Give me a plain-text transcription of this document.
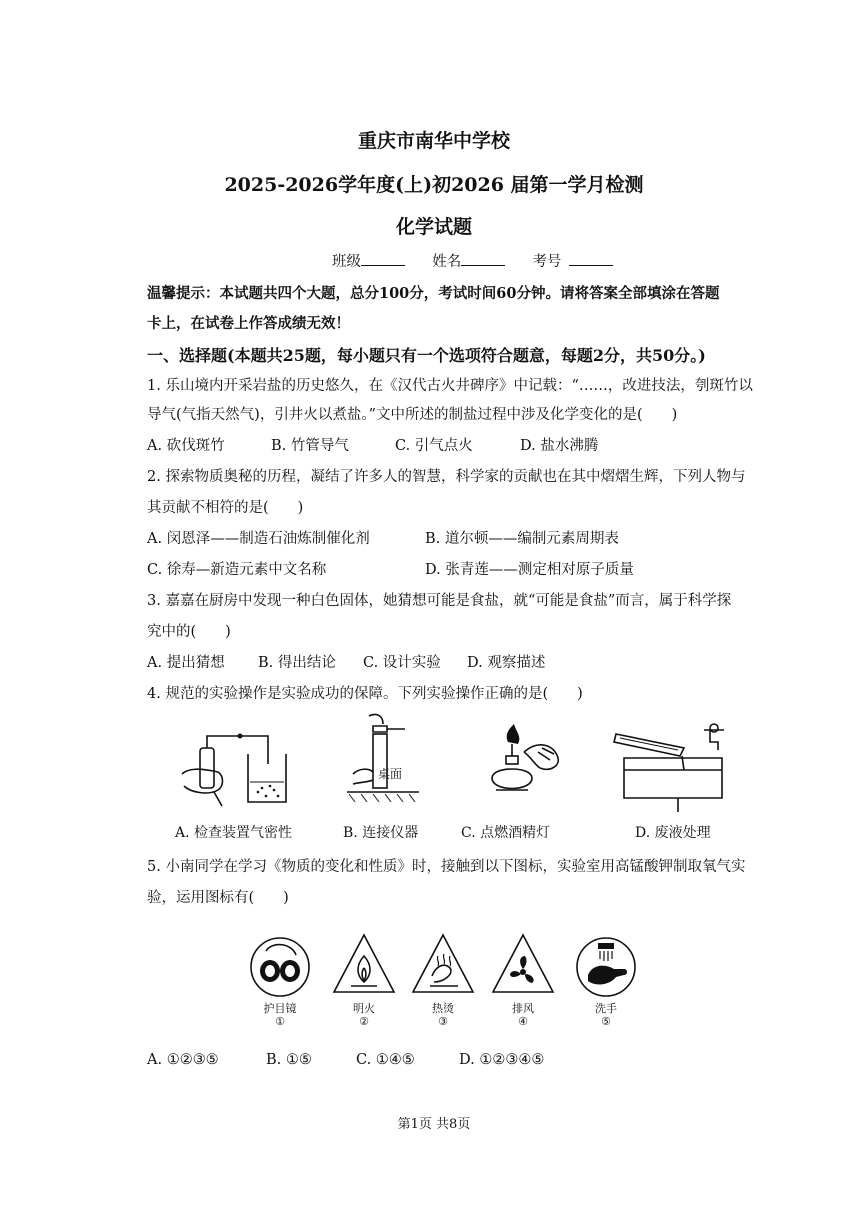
重庆市南华中学校
2025-2026学年度(上)初2026 届第一学月检测
化学试题
班级	姓名	考号
温馨提示：本试题共四个大题，总分100分，考试时间60分钟。请将答案全部填涂在答题
卡上，在试卷上作答成绩无效！
一、选择题(本题共25题，每小题只有一个选项符合题意，每题2分，共50分。)
1. 乐山境内开采岩盐的历史悠久，在《汉代古火井碑序》中记载：“……，改进技法，刳斑竹以
导气(气指天然气)，引井火以煮盐。”文中所述的制盐过程中涉及化学变化的是(　　)
A. 砍伐斑竹	B. 竹管导气	C. 引气点火	D. 盐水沸腾
2. 探索物质奥秘的历程，凝结了许多人的智慧，科学家的贡献也在其中熠熠生辉，下列人物与
其贡献不相符的是(　　)
A. 闵恩泽——制造石油炼制催化剂	B. 道尔顿——编制元素周期表
C. 徐寿—新造元素中文名称	D. 张青莲——测定相对原子质量
3. 嘉嘉在厨房中发现一种白色固体，她猜想可能是食盐，就“可能是食盐”而言，属于科学探
究中的(　　)
A. 提出猜想 B. 得出结论 C. 设计实验 D. 观察描述
4. 规范的实验操作是实验成功的保障。下列实验操作正确的是(　　)
桌面
A. 检查装置气密性	B. 连接仪器	C. 点燃酒精灯	D. 废液处理
5. 小南同学在学习《物质的变化和性质》时，接触到以下图标，实验室用高锰酸钾制取氧气实
验，运用图标有(　　)
护目镜
①
明火
②
热烫
③
排风
④
洗手
⑤
A. ①②③⑤	B. ①⑤	C. ①④⑤	D. ①②③④⑤
第1页 共8页
